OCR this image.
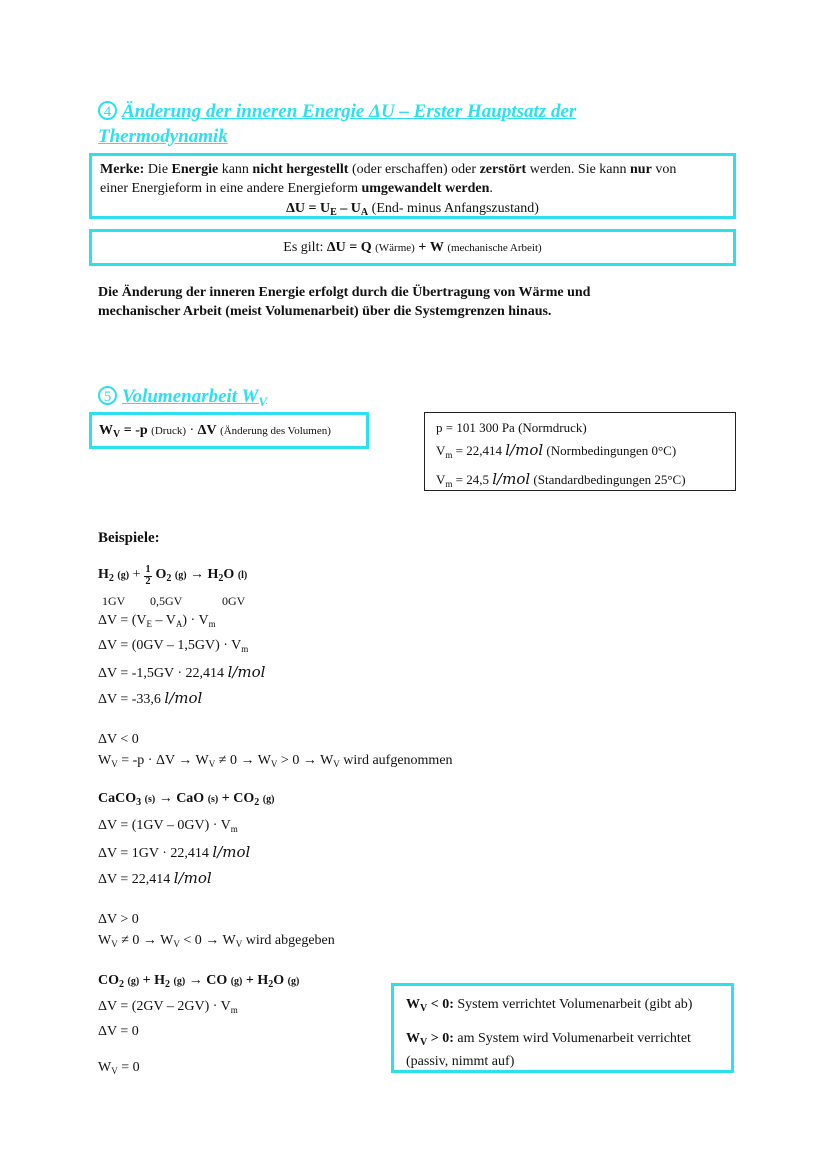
4 Änderung der inneren Energie ΔU – Erster Hauptsatz der
Thermodynamik
Merke: Die Energie kann nicht hergestellt (oder erschaffen) oder zerstört werden. Sie kann nur von
einer Energieform in eine andere Energieform umgewandelt werden.
$\Delta U = U_E - U_A$ (End- minus Anfangszustand)
Es gilt: ΔU = Q (Wärme) + W (mechanische Arbeit)
Die Änderung der inneren Energie erfolgt durch die Übertragung von Wärme und
mechanischer Arbeit (meist Volumenarbeit) über die Systemgrenzen hinaus.
5 Volumenarbeit $W_V$
$W_V = -p$ (Druck) · ΔV (Änderung des Volumen)	p = 101 300 Pa (Normdruck)
$V_m = 22,414$ l/mol (Normbedingungen 0°C)
$V_m = 24,5$ l/mol (Standardbedingungen 25°C)
Beispiele:
$H_2$ $(g) + \frac{1}{2} O_2$ $(g) \to H_2O$ (l)
1GV 0,5GV	0GV
$\Delta V = (V_E - V_A) \cdot V_m$
$\Delta V = (0GV - 1,5GV) \cdot V_m$
ΔV = -1,5GV · 22,414 l/mol
ΔV = -33,6 l/mol
ΔV < 0
$W_V = -p \cdot \Delta V \to W_V \ne 0 \to W_V > 0 \to W_V$ wird aufgenommen
CaCO$_3$ (s) → CaO $(s) + CO_2$ (g)
$\Delta V = (1GV - 0GV) \cdot V_m$
ΔV = 1GV · 22,414 l/mol
ΔV = 22,414 l/mol
ΔV > 0
$W_V \ne 0 \to W_V < 0 \to W_V$ wird abgegeben
$CO_2$ $(g) + H_2$ (g) → CO $(g) + H_2O$ (g)
$\Delta V = (2GV - 2GV) \cdot V_m$
ΔV = 0
$W_V = 0$
$W_V < 0$: System verrichtet Volumenarbeit (gibt ab)
$W_V > 0$: am System wird Volumenarbeit verrichtet
(passiv, nimmt auf)
